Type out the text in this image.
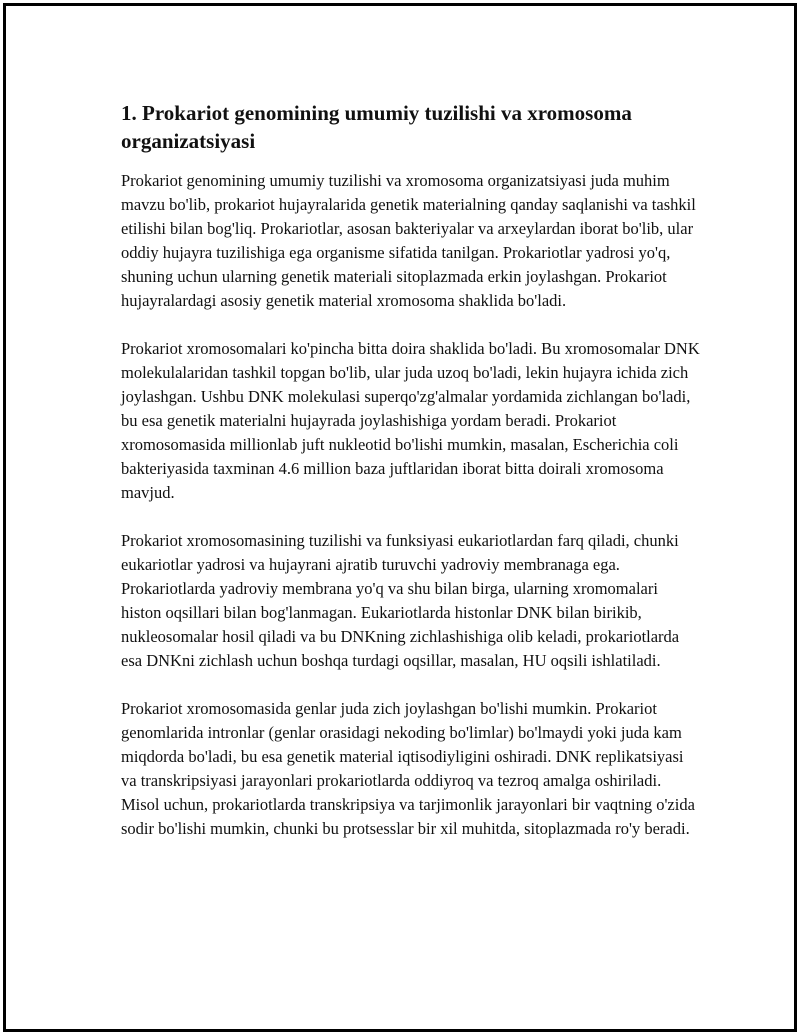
1. Prokariot genomining umumiy tuzilishi va xromosoma organizatsiyasi

Prokariot genomining umumiy tuzilishi va xromosoma organizatsiyasi juda muhim mavzu bo'lib, prokariot hujayralarida genetik materialning qanday saqlanishi va tashkil etilishi bilan bog'liq. Prokariotlar, asosan bakteriyalar va arxeylardan iborat bo'lib, ular oddiy hujayra tuzilishiga ega organisme sifatida tanilgan. Prokariotlar yadrosi yo'q, shuning uchun ularning genetik materiali sitoplazmada erkin joylashgan. Prokariot hujayralardagi asosiy genetik material xromosoma shaklida bo'ladi.

Prokariot xromosomalari ko'pincha bitta doira shaklida bo'ladi. Bu xromosomalar DNK molekulalaridan tashkil topgan bo'lib, ular juda uzoq bo'ladi, lekin hujayra ichida zich joylashgan. Ushbu DNK molekulasi superqo'zg'almalar yordamida zichlangan bo'ladi, bu esa genetik materialni hujayrada joylashishiga yordam beradi. Prokariot xromosomasida millionlab juft nukleotid bo'lishi mumkin, masalan, Escherichia coli bakteriyasida taxminan 4.6 million baza juftlaridan iborat bitta doirali xromosoma mavjud.

Prokariot xromosomasining tuzilishi va funksiyasi eukariotlardan farq qiladi, chunki eukariotlar yadrosi va hujayrani ajratib turuvchi yadroviy membranaga ega. Prokariotlarda yadroviy membrana yo'q va shu bilan birga, ularning xromomalari histon oqsillari bilan bog'lanmagan. Eukariotlarda histonlar DNK bilan birikib, nukleosomalar hosil qiladi va bu DNKning zichlashishiga olib keladi, prokariotlarda esa DNKni zichlash uchun boshqa turdagi oqsillar, masalan, HU oqsili ishlatiladi.

Prokariot xromosomasida genlar juda zich joylashgan bo'lishi mumkin. Prokariot genomlarida intronlar (genlar orasidagi nekoding bo'limlar) bo'lmaydi yoki juda kam miqdorda bo'ladi, bu esa genetik material iqtisodiyligini oshiradi. DNK replikatsiyasi va transkripsiyasi jarayonlari prokariotlarda oddiyroq va tezroq amalga oshiriladi. Misol uchun, prokariotlarda transkripsiya va tarjimonlik jarayonlari bir vaqtning o'zida sodir bo'lishi mumkin, chunki bu protsesslar bir xil muhitda, sitoplazmada ro'y beradi.
